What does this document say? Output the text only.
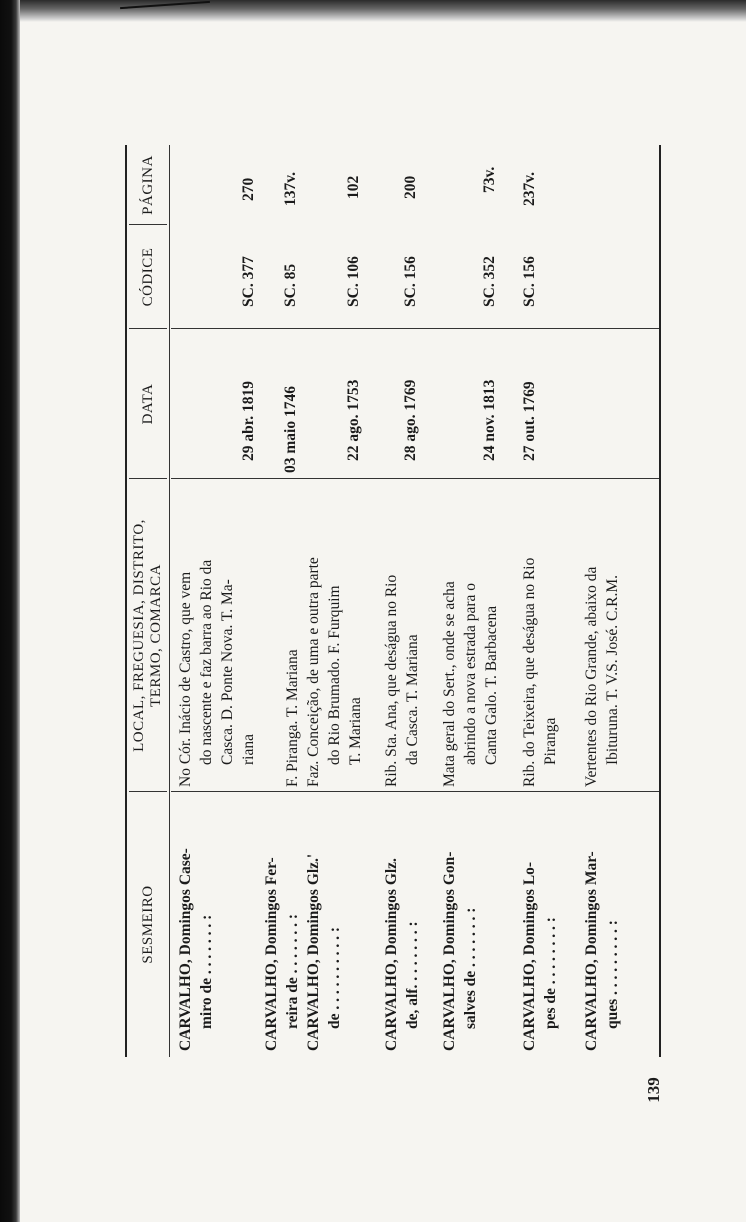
SESMEIRO
LOCAL, FREGUESIA, DISTRITO, TERMO, COMARCA
DATA
CÓDICE
PÁGINA
CARVALHO, Domingos Case- miro de . . . . . . . :
No Cór. Inácio de Castro, que vem do nascente e faz barra ao Rio da Casca. D. Ponte Nova. T. Ma- riana
29 abr. 1819
SC. 377
270
CARVALHO, Domingos Fer- reira de . . . . . . . :
F. Piranga. T. Mariana
03 maio 1746
SC. 85
137v.
CARVALHO, Domingos Glz.' de . . . . . . . . . . :
Faz. Conceição, de uma e outra parte do Rio Brumado. F. Furquim T. Mariana
22 ago. 1753
SC. 106
102
CARVALHO, Domingos Glz. de, alf. . . . . . . . :
Rib. Sta. Ana, que deságua no Rio da Casca. T. Mariana
28 ago. 1769
SC. 156
200
CARVALHO, Domingos Gon- salves de . . . . . . . :
Mata geral do Sert., onde se acha abrindo a nova estrada para o Canta Galo. T. Barbacena
24 nov. 1813
SC. 352
73v.
CARVALHO, Domingos Lo- pes de . . . . . . . . :
Rib. do Teixeira, que deságua no Rio Piranga
27 out. 1769
SC. 156
237v.
CARVALHO, Domingos Mar- ques . . . . . . . . . :
Vertentes do Rio Grande, abaixo da Ibituruna. T. V.S. José. C.R.M.
139
